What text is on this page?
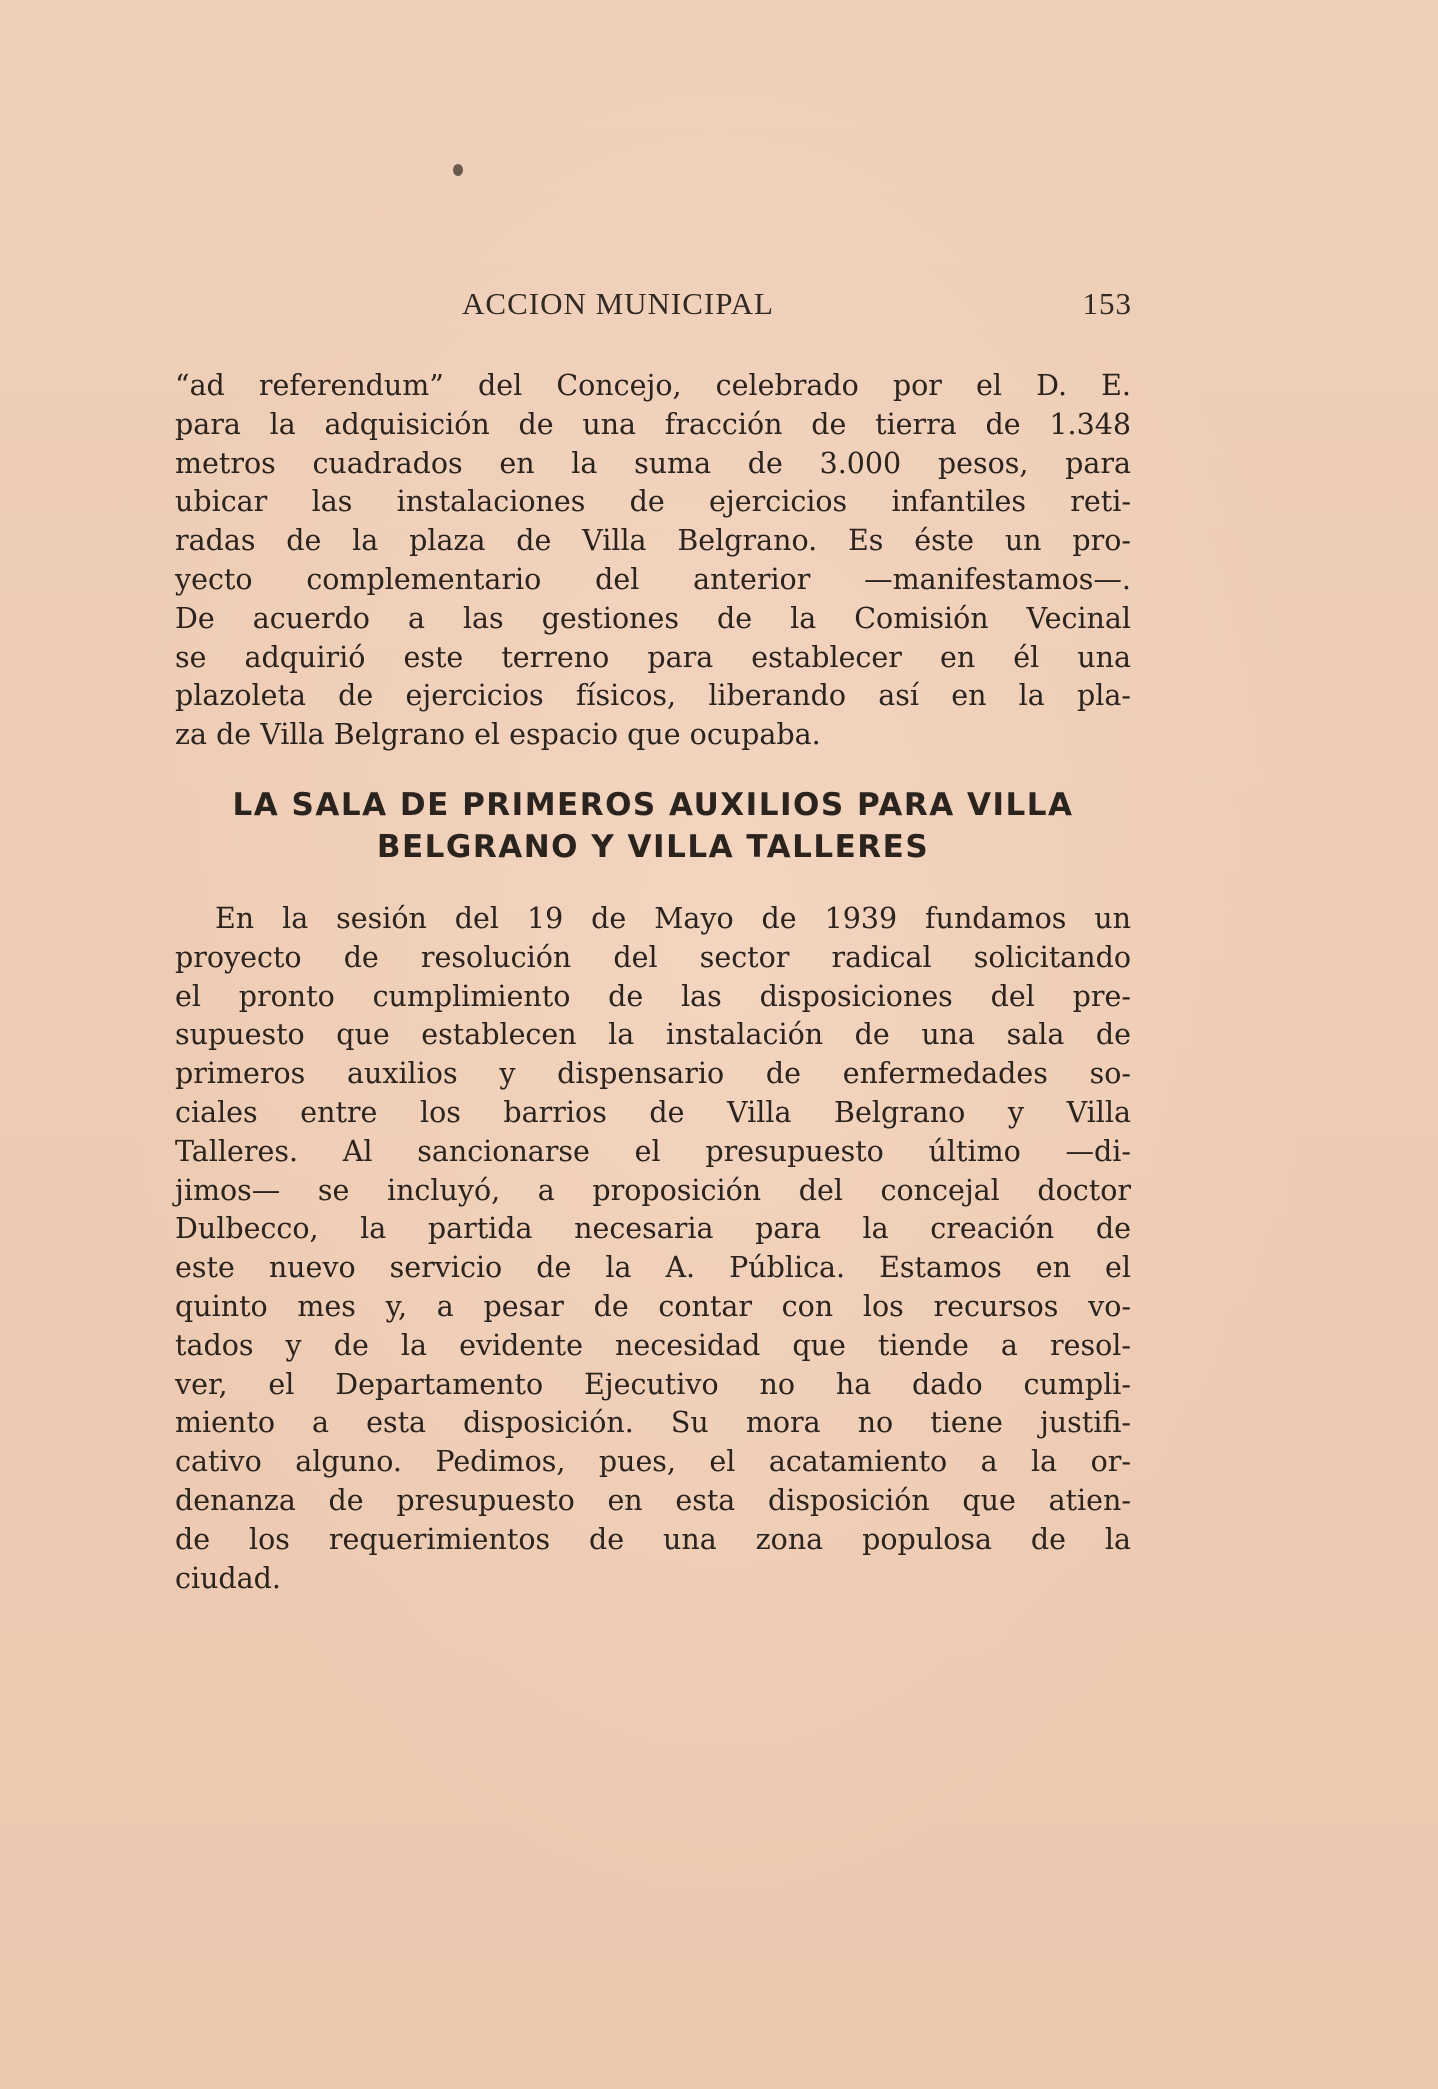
ACCION MUNICIPAL	153
“ad referendum” del Concejo, celebrado por el D. E.
para la adquisición de una fracción de tierra de 1.348
metros cuadrados en la suma de 3.000 pesos, para
ubicar las instalaciones de ejercicios infantiles reti-
radas de la plaza de Villa Belgrano. Es éste un pro-
yecto complementario del anterior —manifestamos—.
De acuerdo a las gestiones de la Comisión Vecinal
se adquirió este terreno para establecer en él una
plazoleta de ejercicios físicos, liberando así en la pla-
za de Villa Belgrano el espacio que ocupaba.
LA SALA DE PRIMEROS AUXILIOS PARA VILLA
BELGRANO Y VILLA TALLERES
En la sesión del 19 de Mayo de 1939 fundamos un
proyecto de resolución del sector radical solicitando
el pronto cumplimiento de las disposiciones del pre-
supuesto que establecen la instalación de una sala de
primeros auxilios y dispensario de enfermedades so-
ciales entre los barrios de Villa Belgrano y Villa
Talleres. Al sancionarse el presupuesto último —di-
jimos— se incluyó, a proposición del concejal doctor
Dulbecco, la partida necesaria para la creación de
este nuevo servicio de la A. Pública. Estamos en el
quinto mes y, a pesar de contar con los recursos vo-
tados y de la evidente necesidad que tiende a resol-
ver, el Departamento Ejecutivo no ha dado cumpli-
miento a esta disposición. Su mora no tiene justifi-
cativo alguno. Pedimos, pues, el acatamiento a la or-
denanza de presupuesto en esta disposición que atien-
de los requerimientos de una zona populosa de la
ciudad.
